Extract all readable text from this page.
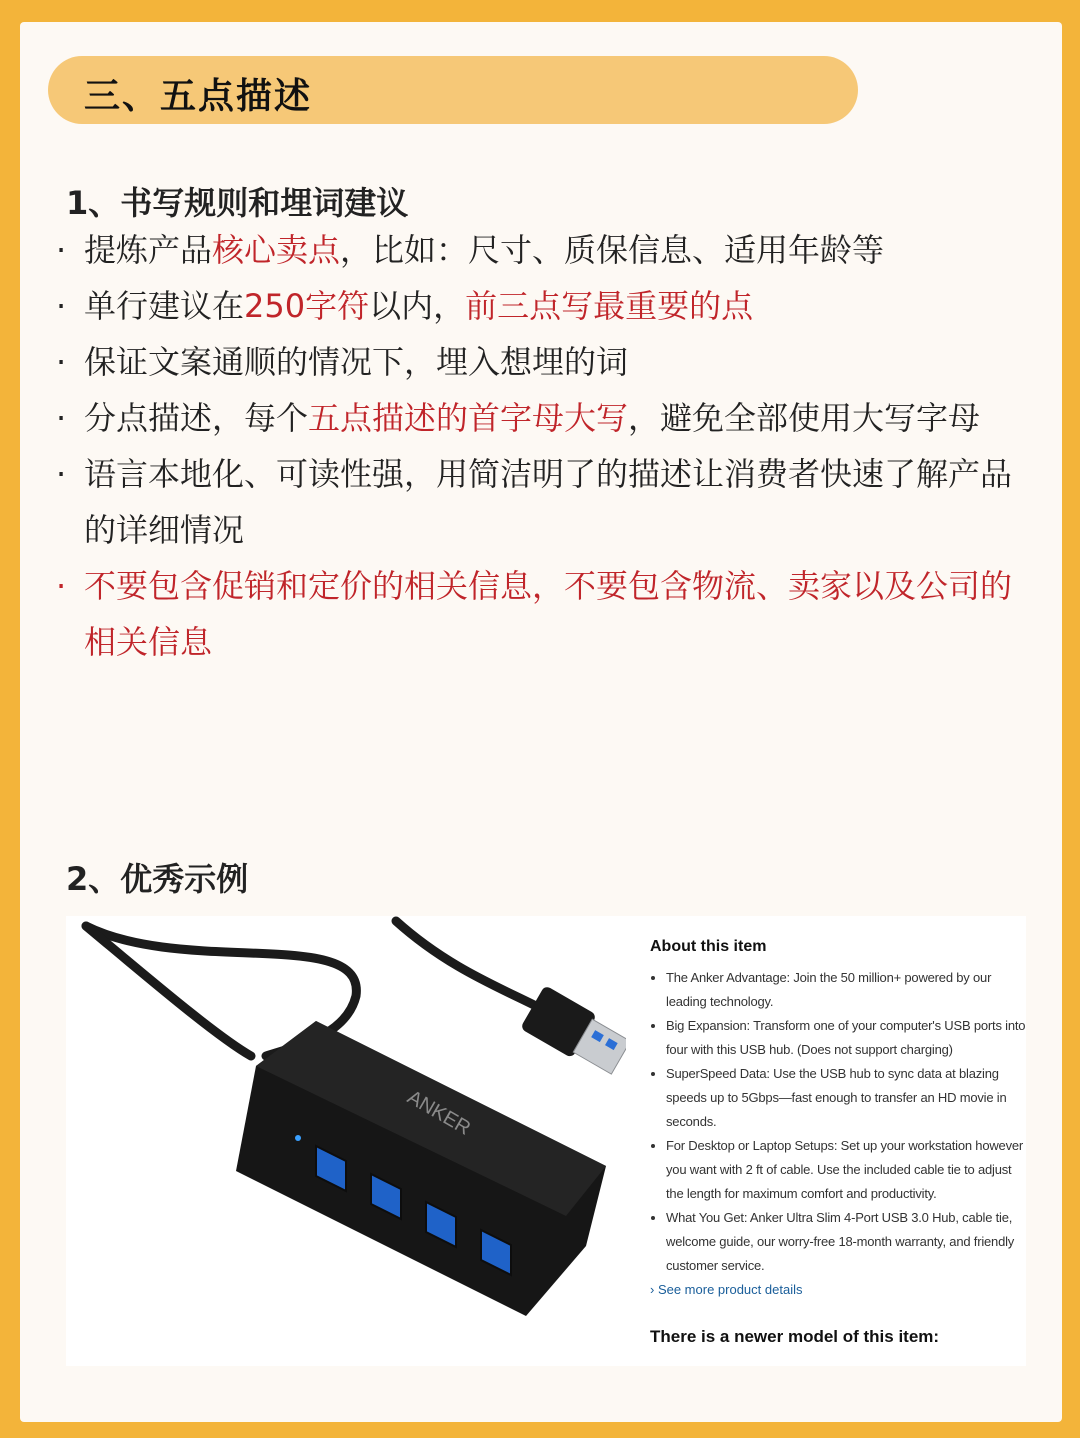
三、五点描述
1、书写规则和埋词建议
· 提炼产品核心卖点，比如：尺寸、质保信息、适用年龄等
· 单行建议在250字符以内，前三点写最重要的点
· 保证文案通顺的情况下，埋入想埋的词
· 分点描述，每个五点描述的首字母大写，避免全部使用大写字母
· 语言本地化、可读性强，用简洁明了的描述让消费者快速了解产品的详细情况
· 不要包含促销和定价的相关信息，不要包含物流、卖家以及公司的相关信息
2、优秀示例
ANKER
About this item
• The Anker Advantage: Join the 50 million+ powered by our leading technology.
• Big Expansion: Transform one of your computer's USB ports into four with this USB hub. (Does not support charging)
• SuperSpeed Data: Use the USB hub to sync data at blazing speeds up to 5Gbps—fast enough to transfer an HD movie in seconds.
• For Desktop or Laptop Setups: Set up your workstation however you want with 2 ft of cable. Use the included cable tie to adjust the length for maximum comfort and productivity.
• What You Get: Anker Ultra Slim 4-Port USB 3.0 Hub, cable tie, welcome guide, our worry-free 18-month warranty, and friendly customer service.
› See more product details
There is a newer model of this item:
